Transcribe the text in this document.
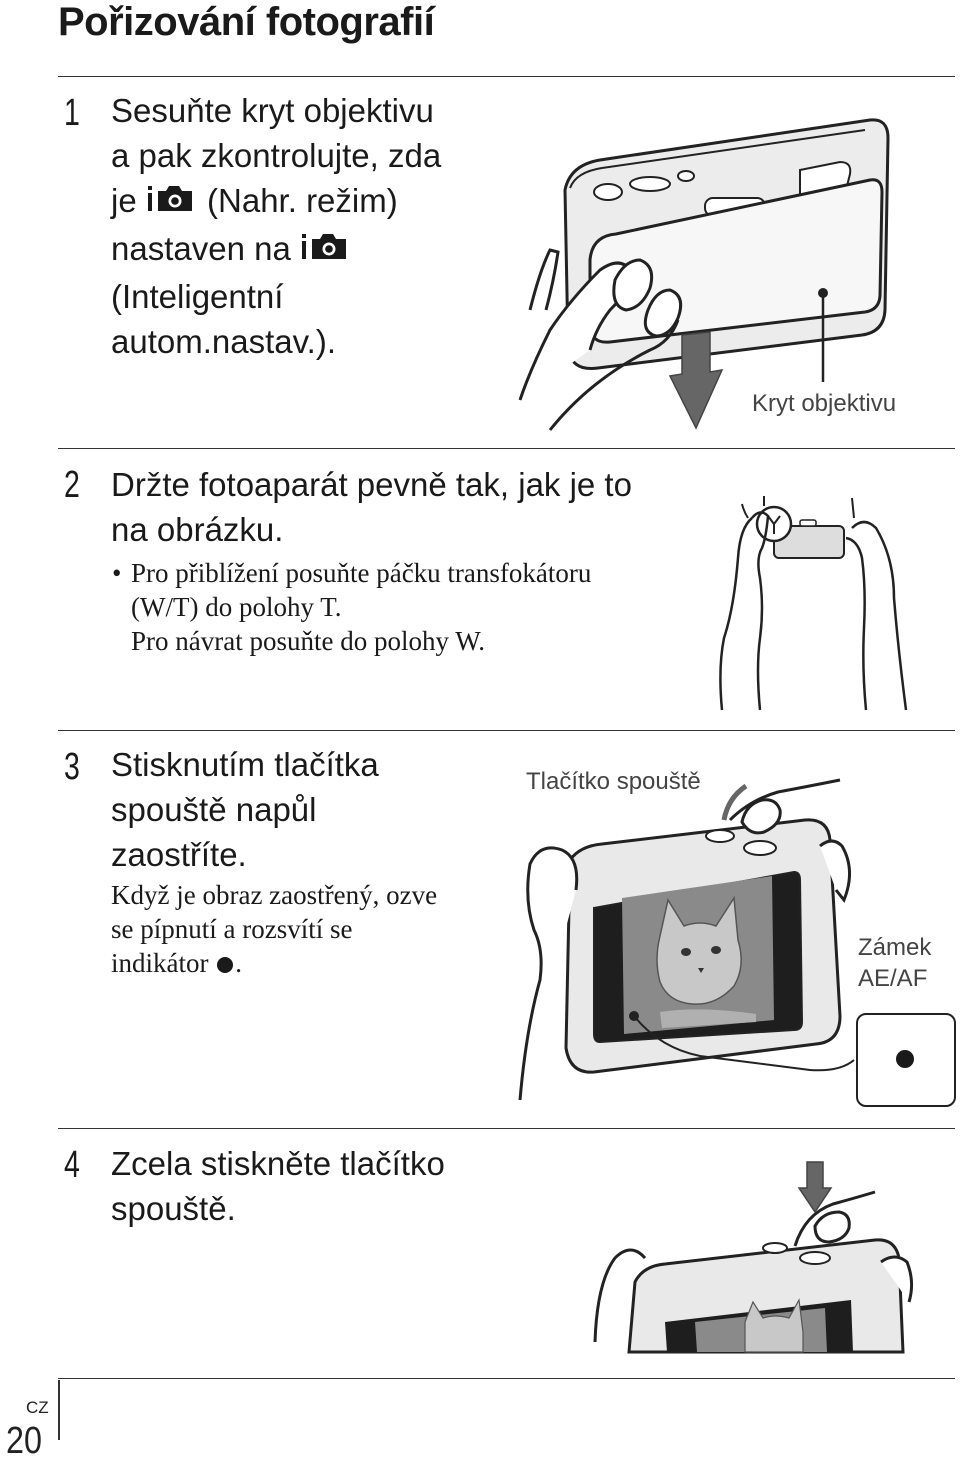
Pořizování fotografií
1 Sesuňte kryt objektivu
a pak zkontrolujte, zda
je (Nahr. režim)
nastaven na
(Inteligentní
autom.nastav.).
Kryt objektivu
2 Držte fotoaparát pevně tak, jak je to
na obrázku.
• Pro přiblížení posuňte páčku transfokátoru
(W/T) do polohy T.
Pro návrat posuňte do polohy W.
3 Stisknutím tlačítka
spouště napůl
zaostříte.
Když je obraz zaostřený, ozve
se pípnutí a rozsvítí se
indikátor .
Tlačítko spouště
Zámek
AE/AF
4 Zcela stiskněte tlačítko
spouště.
CZ
20
